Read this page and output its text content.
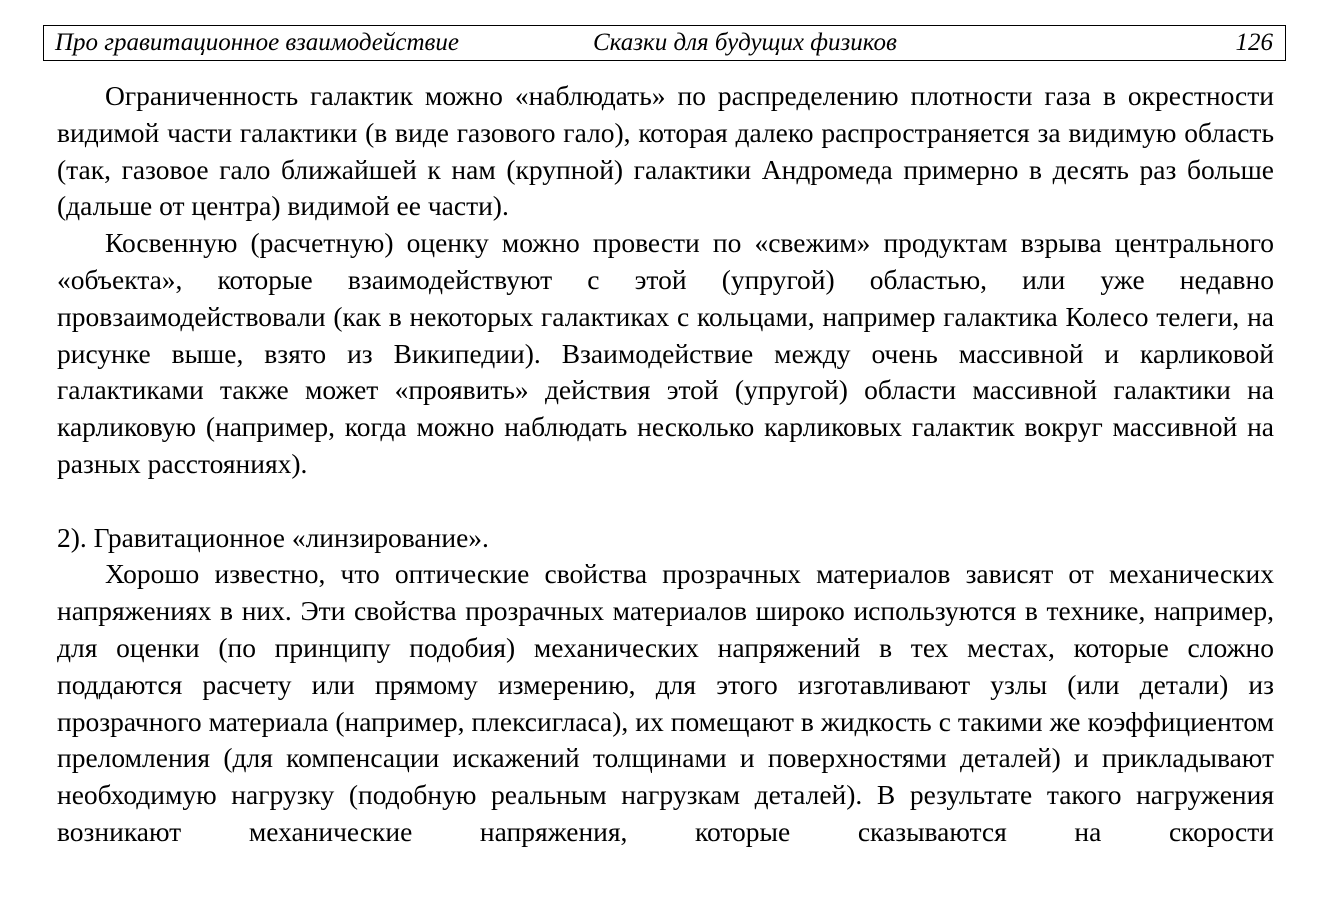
Про гравитационное взаимодействие	Сказки для будущих физиков	126

Ограниченность галактик можно «наблюдать» по распределению плотности газа в окрестности видимой части галактики (в виде газового гало), которая далеко распространяется за видимую область (так, газовое гало ближайшей к нам (крупной) галактики Андромеда примерно в десять раз больше (дальше от центра) видимой ее части).

Косвенную (расчетную) оценку можно провести по «свежим» продуктам взрыва центрального «объекта», которые взаимодействуют с этой (упругой) областью, или уже недавно провзаимодействовали (как в некоторых галактиках с кольцами, например галактика Колесо телеги, на рисунке выше, взято из Википедии). Взаимодействие между очень массивной и карликовой галактиками также может «проявить» действия этой (упругой) области массивной галактики на карликовую (например, когда можно наблюдать несколько карликовых галактик вокруг массивной на разных расстояниях).

2). Гравитационное «линзирование».

Хорошо известно, что оптические свойства прозрачных материалов зависят от механических напряжениях в них. Эти свойства прозрачных материалов широко используются в технике, например, для оценки (по принципу подобия) механических напряжений в тех местах, которые сложно поддаются расчету или прямому измерению, для этого изготавливают узлы (или детали) из прозрачного материала (например, плексигласа), их помещают в жидкость с такими же коэффициентом преломления (для компенсации искажений толщинами и поверхностями деталей) и прикладывают необходимую нагрузку (подобную реальным нагрузкам деталей). В результате такого нагружения возникают механические напряжения, которые сказываются на скорости
